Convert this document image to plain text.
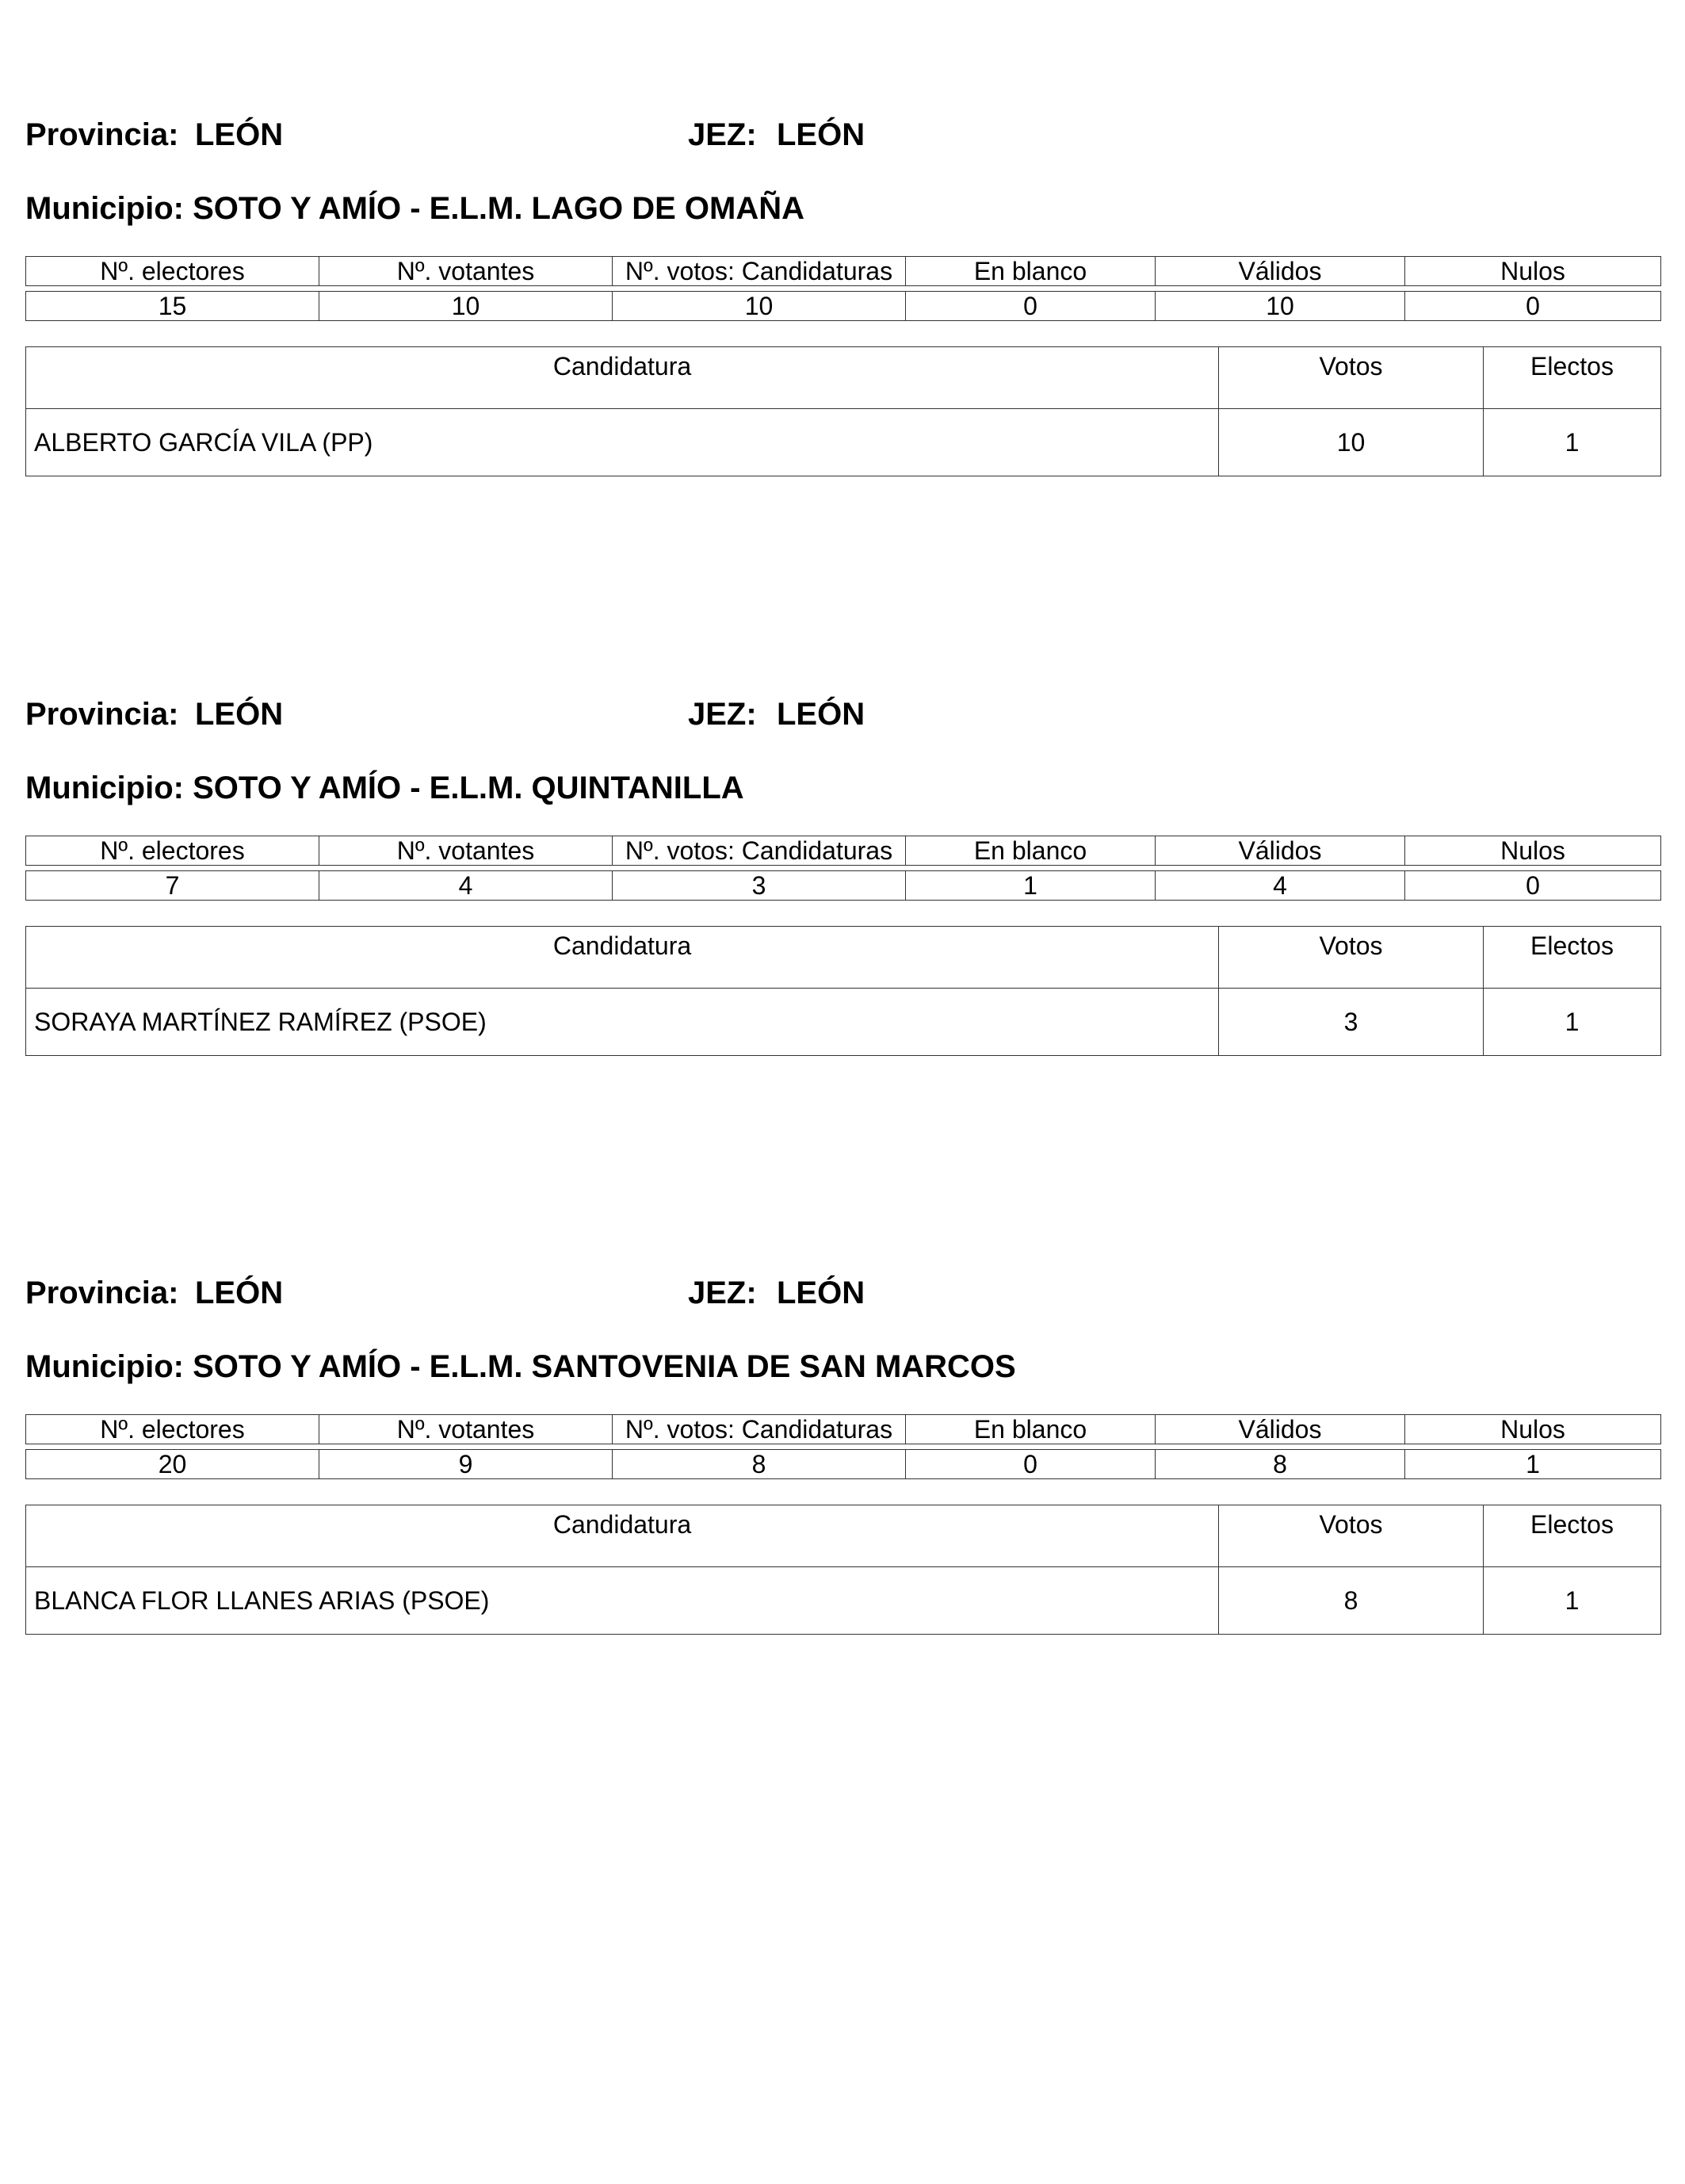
Provincia: LEÓN	JEZ: LEÓN
Municipio: SOTO Y AMÍO - E.L.M. LAGO DE OMAÑA
Nº. electores	Nº. votantes	Nº. votos: Candidaturas	En blanco	Válidos	Nulos

15	10	10	0	10	0
Candidatura	Votos	Electos
ALBERTO GARCÍA VILA (PP)	10	1
Provincia: LEÓN	JEZ: LEÓN
Municipio: SOTO Y AMÍO - E.L.M. QUINTANILLA
Nº. electores	Nº. votantes	Nº. votos: Candidaturas	En blanco	Válidos	Nulos

7	4	3	1	4	0
Candidatura	Votos	Electos
SORAYA MARTÍNEZ RAMÍREZ (PSOE)	3	1
Provincia: LEÓN	JEZ: LEÓN
Municipio: SOTO Y AMÍO - E.L.M. SANTOVENIA DE SAN MARCOS
Nº. electores	Nº. votantes	Nº. votos: Candidaturas	En blanco	Válidos	Nulos

20	9	8	0	8	1
Candidatura	Votos	Electos
BLANCA FLOR LLANES ARIAS (PSOE)	8	1
